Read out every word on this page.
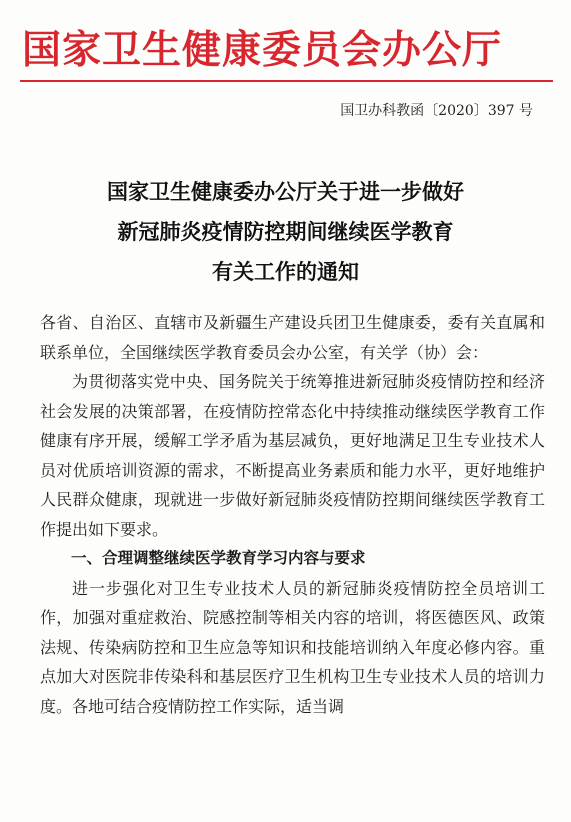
国家卫生健康委员会办公厅
国卫办科教函〔2020〕397 号
国家卫生健康委办公厅关于进一步做好
新冠肺炎疫情防控期间继续医学教育
有关工作的通知

各省、自治区、直辖市及新疆生产建设兵团卫生健康委，委有关直属和联系单位，全国继续医学教育委员会办公室，有关学（协）会：

为贯彻落实党中央、国务院关于统筹推进新冠肺炎疫情防控和经济社会发展的决策部署，在疫情防控常态化中持续推动继续医学教育工作健康有序开展，缓解工学矛盾为基层减负，更好地满足卫生专业技术人员对优质培训资源的需求，不断提高业务素质和能力水平，更好地维护人民群众健康，现就进一步做好新冠肺炎疫情防控期间继续医学教育工作提出如下要求。

一、合理调整继续医学教育学习内容与要求

进一步强化对卫生专业技术人员的新冠肺炎疫情防控全员培训工作，加强对重症救治、院感控制等相关内容的培训，将医德医风、政策法规、传染病防控和卫生应急等知识和技能培训纳入年度必修内容。重点加大对医院非传染科和基层医疗卫生机构卫生专业技术人员的培训力度。各地可结合疫情防控工作实际，适当调
